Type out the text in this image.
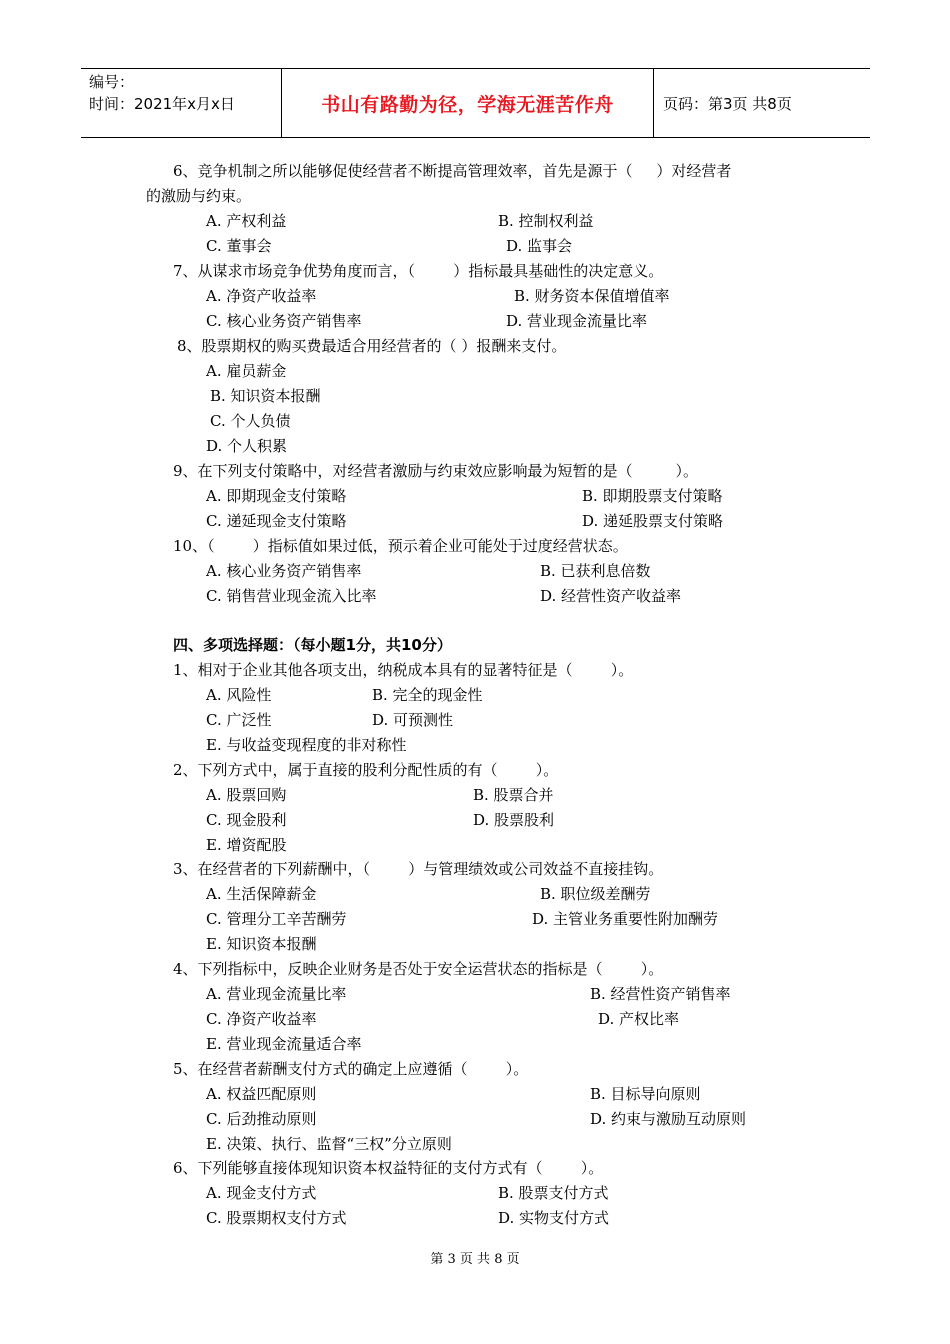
编号：
时间：2021年x月x日	书山有路勤为径，学海无涯苦作舟	页码：第3页 共8页
6、竞争机制之所以能够促使经营者不断提高管理效率，首先是源于（     ）对经营者
的激励与约束。
A. 产权利益	B. 控制权利益
C. 董事会	D. 监事会
7、从谋求市场竞争优势角度而言，（        ）指标最具基础性的决定意义。
A. 净资产收益率	B. 财务资本保值增值率
C. 核心业务资产销售率	D. 营业现金流量比率
8、股票期权的购买费最适合用经营者的（ ）报酬来支付。
A. 雇员薪金
B. 知识资本报酬
C. 个人负债
D. 个人积累
9、在下列支付策略中，对经营者激励与约束效应影响最为短暂的是（         ）。
A. 即期现金支付策略	B. 即期股票支付策略
C. 递延现金支付策略	D. 递延股票支付策略
10、（        ）指标值如果过低，预示着企业可能处于过度经营状态。
A. 核心业务资产销售率	B. 已获利息倍数
C. 销售营业现金流入比率	D. 经营性资产收益率
四、多项选择题：（每小题1分，共10分）
1、相对于企业其他各项支出，纳税成本具有的显著特征是（        ）。
A. 风险性	B. 完全的现金性
C. 广泛性	D. 可预测性
E. 与收益变现程度的非对称性
2、下列方式中，属于直接的股利分配性质的有（        ）。
A. 股票回购	B. 股票合并
C. 现金股利	D. 股票股利
E. 增资配股
3、在经营者的下列薪酬中，（        ）与管理绩效或公司效益不直接挂钩。
A. 生活保障薪金	B. 职位级差酬劳
C. 管理分工辛苦酬劳	D. 主管业务重要性附加酬劳
E. 知识资本报酬
4、下列指标中，反映企业财务是否处于安全运营状态的指标是（        ）。
A. 营业现金流量比率	B. 经营性资产销售率
C. 净资产收益率	D. 产权比率
E. 营业现金流量适合率
5、在经营者薪酬支付方式的确定上应遵循（        ）。
A. 权益匹配原则	B. 目标导向原则
C. 后劲推动原则	D. 约束与激励互动原则
E. 决策、执行、监督“三权”分立原则
6、下列能够直接体现知识资本权益特征的支付方式有（        ）。
A. 现金支付方式	B. 股票支付方式
C. 股票期权支付方式	D. 实物支付方式
第 3 页 共 8 页
